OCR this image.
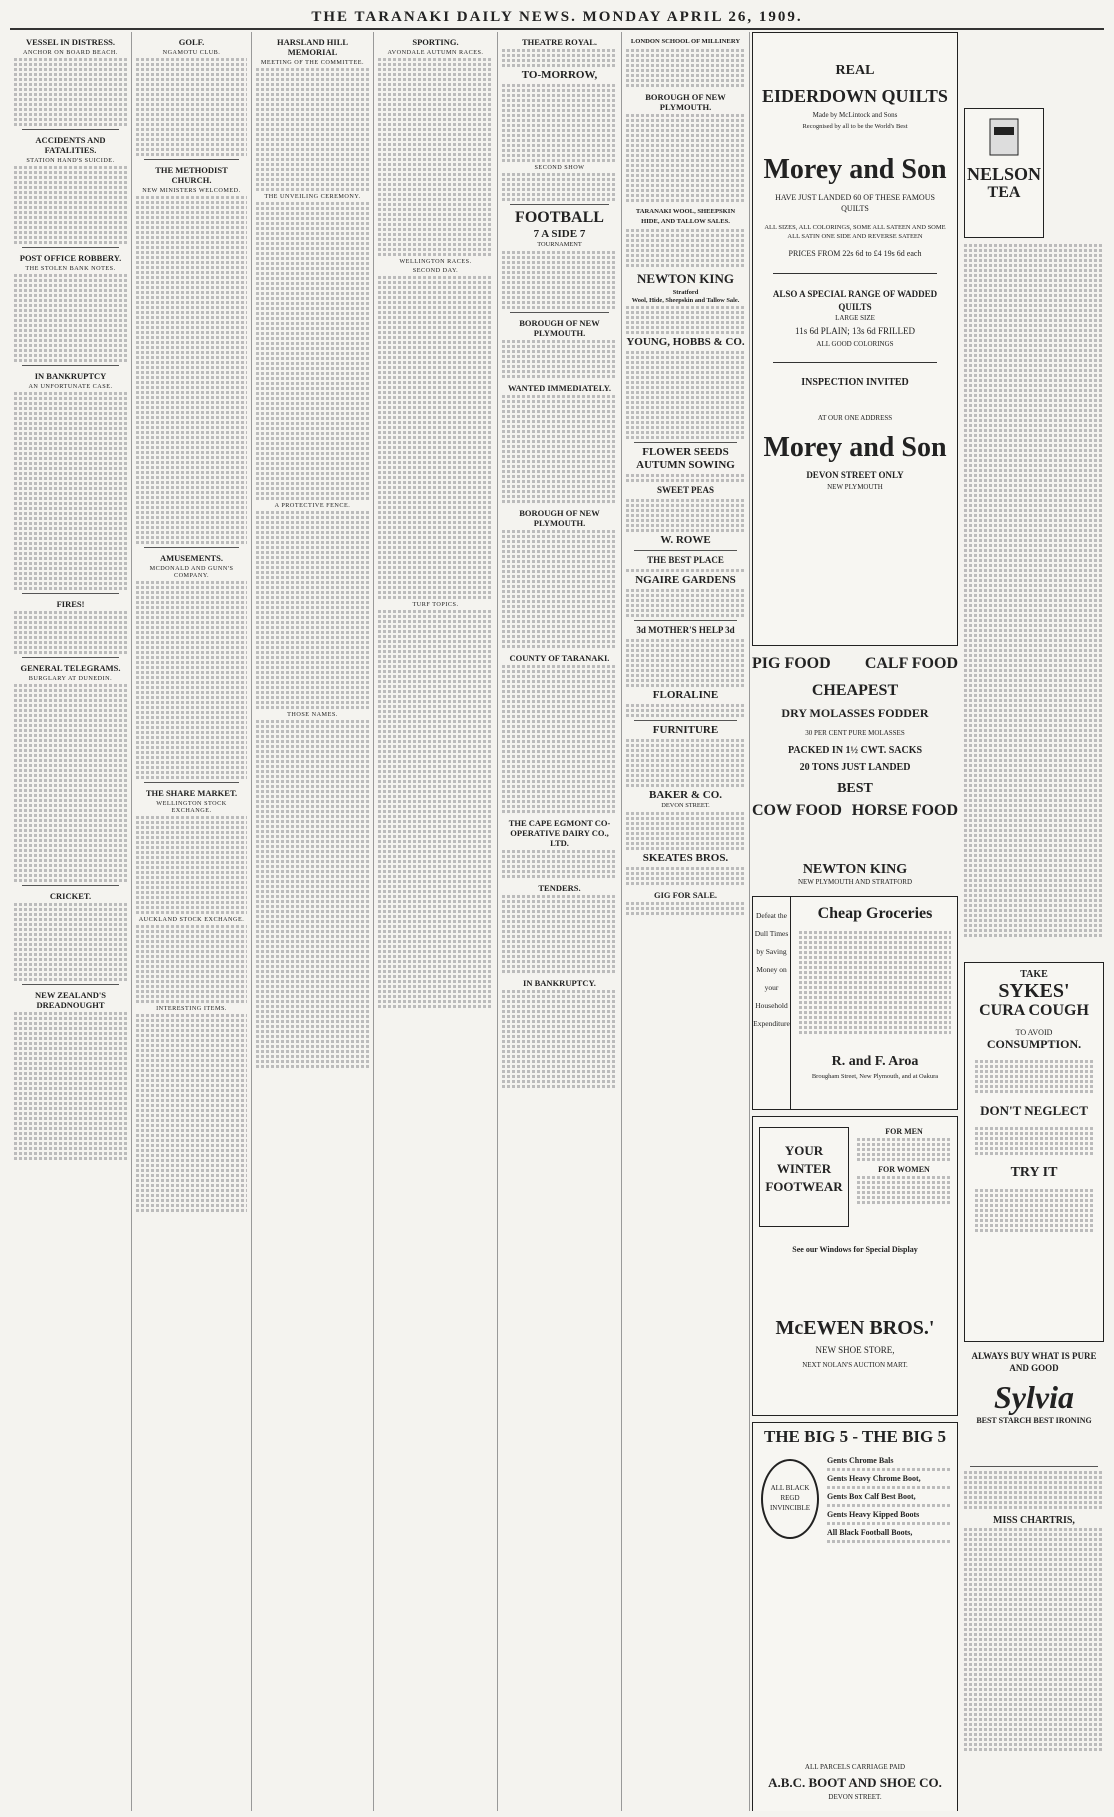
THE TARANAKI DAILY NEWS. MONDAY APRIL 26, 1909.
VESSEL IN DISTRESS.
ANCHOR ON BOARD BEACH.
ACCIDENTS AND FATALITIES.
STATION HAND'S SUICIDE.
POST OFFICE ROBBERY.
THE STOLEN BANK NOTES.
IN BANKRUPTCY
AN UNFORTUNATE CASE.
FIRES!
GENERAL TELEGRAMS.
BURGLARY AT DUNEDIN.
CRICKET.
NEW ZEALAND'S DREADNOUGHT
GOLF.
NGAMOTU CLUB.
THE METHODIST CHURCH.
NEW MINISTERS WELCOMED.
AMUSEMENTS.
MCDONALD AND GUNN'S COMPANY.
THE SHARE MARKET.
WELLINGTON STOCK EXCHANGE.
AUCKLAND STOCK EXCHANGE.
INTERESTING ITEMS.
HARSLAND HILL MEMORIAL
MEETING OF THE COMMITTEE.
THE UNVEILING CEREMONY.
A PROTECTIVE FENCE.
THOSE NAMES.
SPORTING.
AVONDALE AUTUMN RACES.
WELLINGTON RACES.
SECOND DAY.
TURF TOPICS.
THEATRE ROYAL.
TO-MORROW,
SECOND SHOW
FOOTBALL
7 A SIDE 7
TOURNAMENT
BOROUGH OF NEW PLYMOUTH.
WANTED IMMEDIATELY.
BOROUGH OF NEW PLYMOUTH.
COUNTY OF TARANAKI.
THE CAPE EGMONT CO-OPERATIVE DAIRY CO., LTD.
TENDERS.
IN BANKRUPTCY.
LONDON SCHOOL OF MILLINERY
BOROUGH OF NEW PLYMOUTH.
TARANAKI WOOL, SHEEPSKIN HIDE, AND TALLOW SALES.
NEWTON KING
Stratford
Wool, Hide, Sheepskin and Tallow Sale.
YOUNG, HOBBS & CO.
FLOWER SEEDS
AUTUMN SOWING
SWEET PEAS
W. ROWE
THE BEST PLACE
NGAIRE GARDENS
3d MOTHER'S HELP 3d
FLORALINE
FURNITURE
BAKER & CO.
DEVON STREET.
SKEATES BROS.
GIG FOR SALE.
REAL
EIDERDOWN QUILTS
Made by McLintock and Sons
Recognised by all to be the World's Best
Morey and Son
HAVE JUST LANDED 60 OF THESE FAMOUS QUILTS
ALL SIZES, ALL COLORINGS, SOME ALL SATEEN AND SOME ALL SATIN ONE SIDE AND REVERSE SATEEN
PRICES FROM 22s 6d to £4 19s 6d each
ALSO A SPECIAL RANGE OF WADDED QUILTS
LARGE SIZE
11s 6d PLAIN; 13s 6d FRILLED
ALL GOOD COLORINGS
INSPECTION INVITED
AT OUR ONE ADDRESS
Morey and Son
DEVON STREET ONLY
NEW PLYMOUTH
NELSON
TEA
PIG FOOD CALF FOOD
CHEAPEST
DRY MOLASSES FODDER
30 PER CENT PURE MOLASSES
PACKED IN 1½ CWT. SACKS
20 TONS JUST LANDED
BEST
COW FOOD HORSE FOOD
NEWTON KING
NEW PLYMOUTH AND STRATFORD
Defeat the Dull Times by Saving Money on your Household Expenditure
Cheap Groceries
R. and F. Aroa
Brougham Street, New Plymouth, and at Oakura
TAKE
SYKES'
CURA COUGH
TO AVOID
CONSUMPTION.
DON'T NEGLECT
TRY IT
YOUR WINTER FOOTWEAR
FOR MEN
FOR WOMEN
See our Windows for Special Display
McEWEN BROS.'
NEW SHOE STORE,
NEXT NOLAN'S AUCTION MART.
ALWAYS BUY WHAT IS PURE AND GOOD
Sylvia
BEST STARCH BEST IRONING
THE BIG 5 - THE BIG 5
ALL BLACK REGD INVINCIBLE
Gents Chrome Bals
Gents Heavy Chrome Boot,
Gents Box Calf Best Boot,
Gents Heavy Kipped Boots
All Black Football Boots,
ALL PARCELS CARRIAGE PAID
A.B.C. BOOT AND SHOE CO.
DEVON STREET.
MISS CHARTRIS,
